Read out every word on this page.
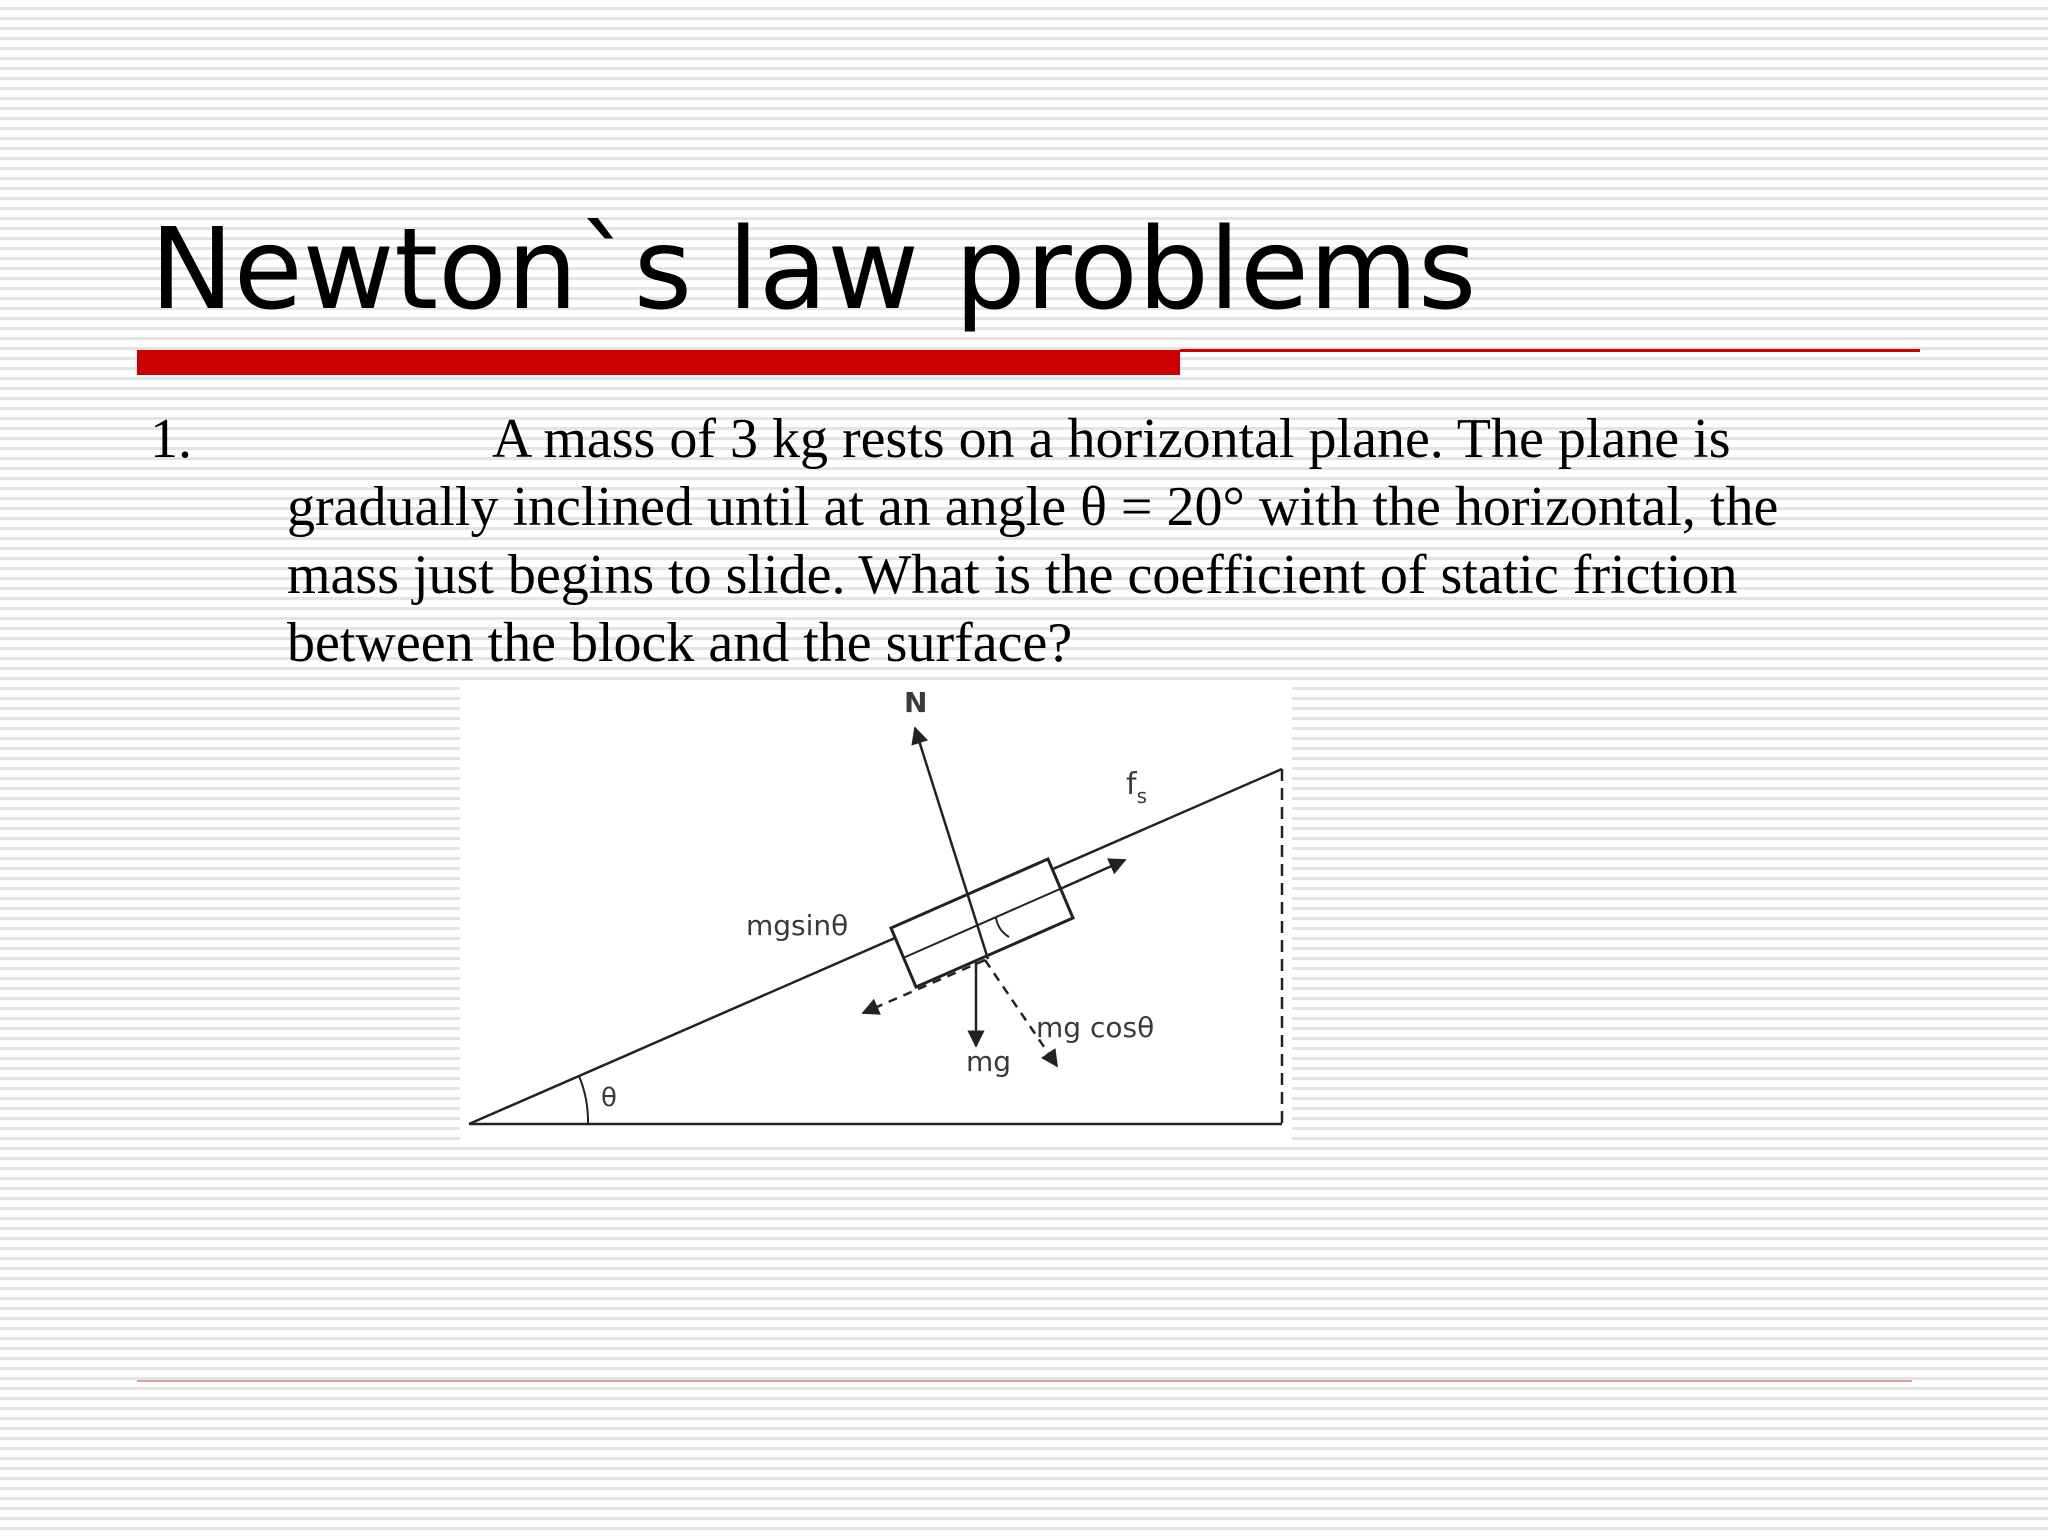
Newton`s law problems
1.	A mass of 3 kg rests on a horizontal plane. The plane is gradually inclined until at an angle θ = 20° with the horizontal, the mass just begins to slide. What is the coefficient of static friction between the block and the surface?

θ
N
$f_s$
mgsinθ
mg cosθ
mg
